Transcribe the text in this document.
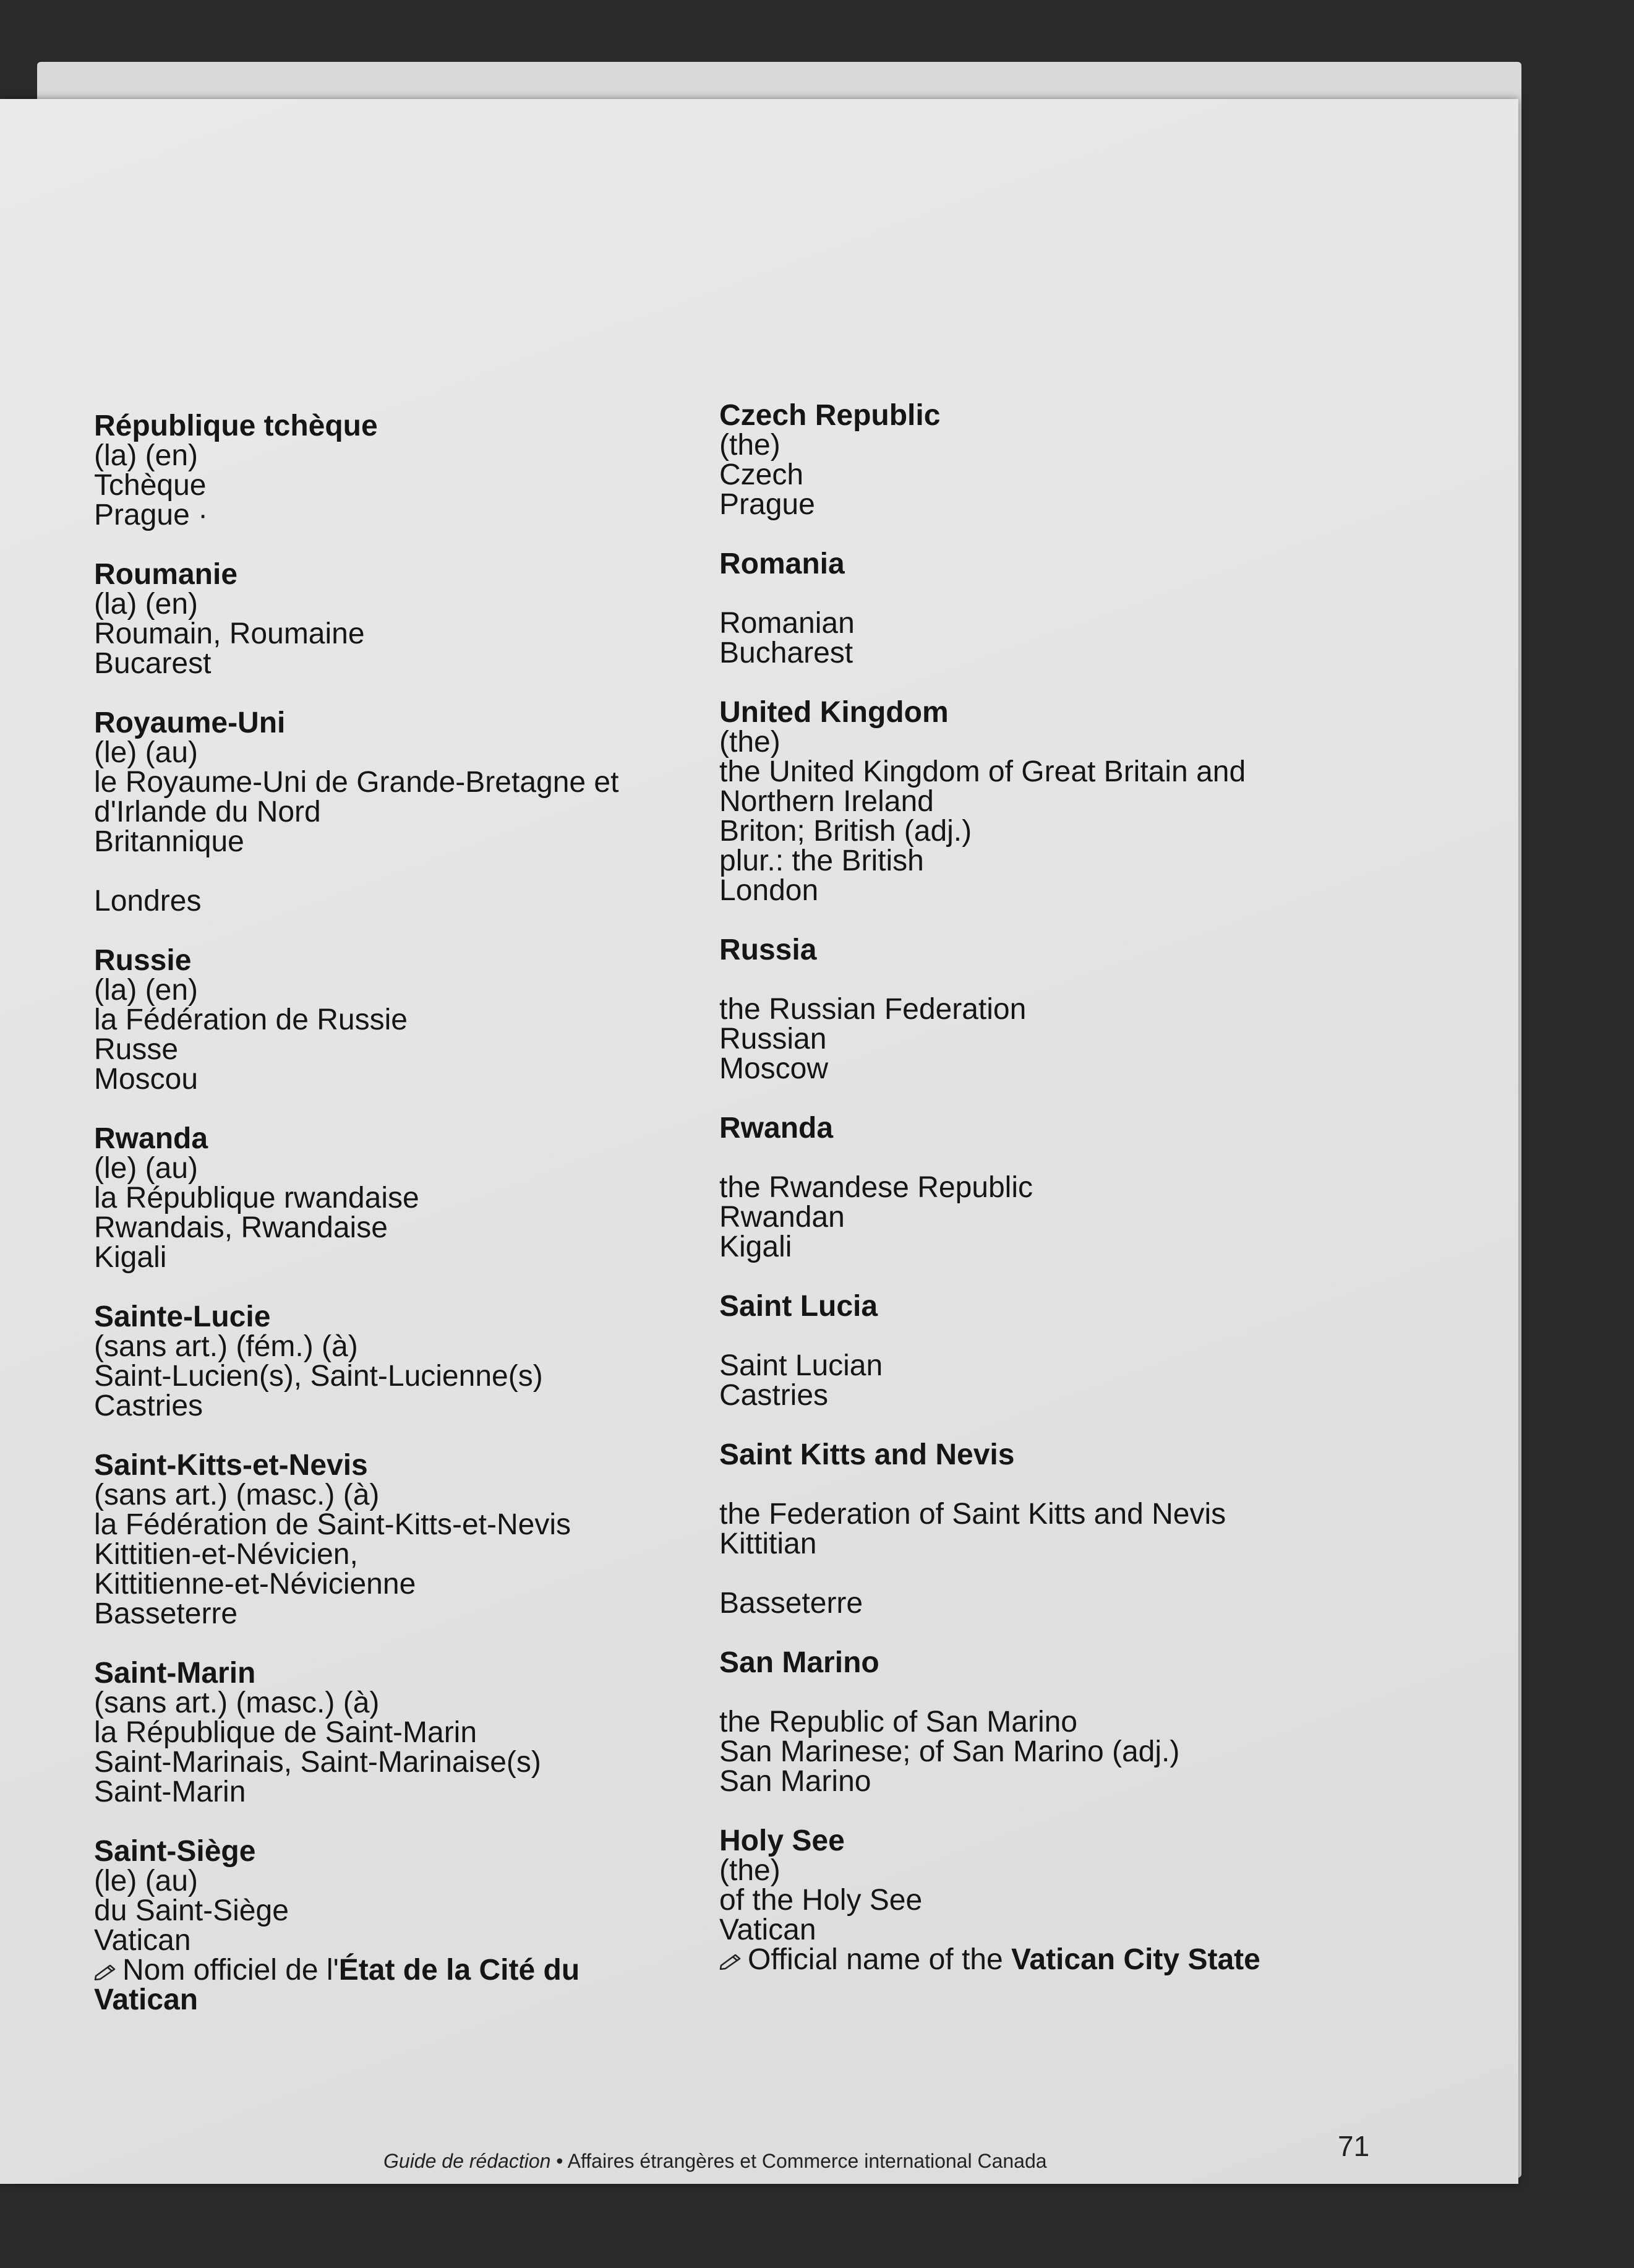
République tchèque
(la) (en)
Tchèque
Prague ·
Roumanie
(la) (en)
Roumain, Roumaine
Bucarest
Royaume-Uni
(le) (au)
le Royaume-Uni de Grande-Bretagne et
d'Irlande du Nord
Britannique

Londres
Russie
(la) (en)
la Fédération de Russie
Russe
Moscou
Rwanda
(le) (au)
la République rwandaise
Rwandais, Rwandaise
Kigali
Sainte-Lucie
(sans art.) (fém.) (à)
Saint-Lucien(s), Saint-Lucienne(s)
Castries
Saint-Kitts-et-Nevis
(sans art.) (masc.) (à)
la Fédération de Saint-Kitts-et-Nevis
Kittitien-et-Névicien,
Kittitienne-et-Névicienne
Basseterre
Saint-Marin
(sans art.) (masc.) (à)
la République de Saint-Marin
Saint-Marinais, Saint-Marinaise(s)
Saint-Marin
Saint-Siège
(le) (au)
du Saint-Siège
Vatican
Nom officiel de l'État de la Cité du
Vatican
Czech Republic
(the)
Czech
Prague
Romania

Romanian
Bucharest
United Kingdom
(the)
the United Kingdom of Great Britain and
Northern Ireland
Briton; British (adj.)
plur.: the British
London
Russia

the Russian Federation
Russian
Moscow
Rwanda

the Rwandese Republic
Rwandan
Kigali
Saint Lucia

Saint Lucian
Castries
Saint Kitts and Nevis

the Federation of Saint Kitts and Nevis
Kittitian

Basseterre
San Marino

the Republic of San Marino
San Marinese; of San Marino (adj.)
San Marino
Holy See
(the)
of the Holy See
Vatican
Official name of the Vatican City State
Guide de rédaction • Affaires étrangères et Commerce international Canada	71
